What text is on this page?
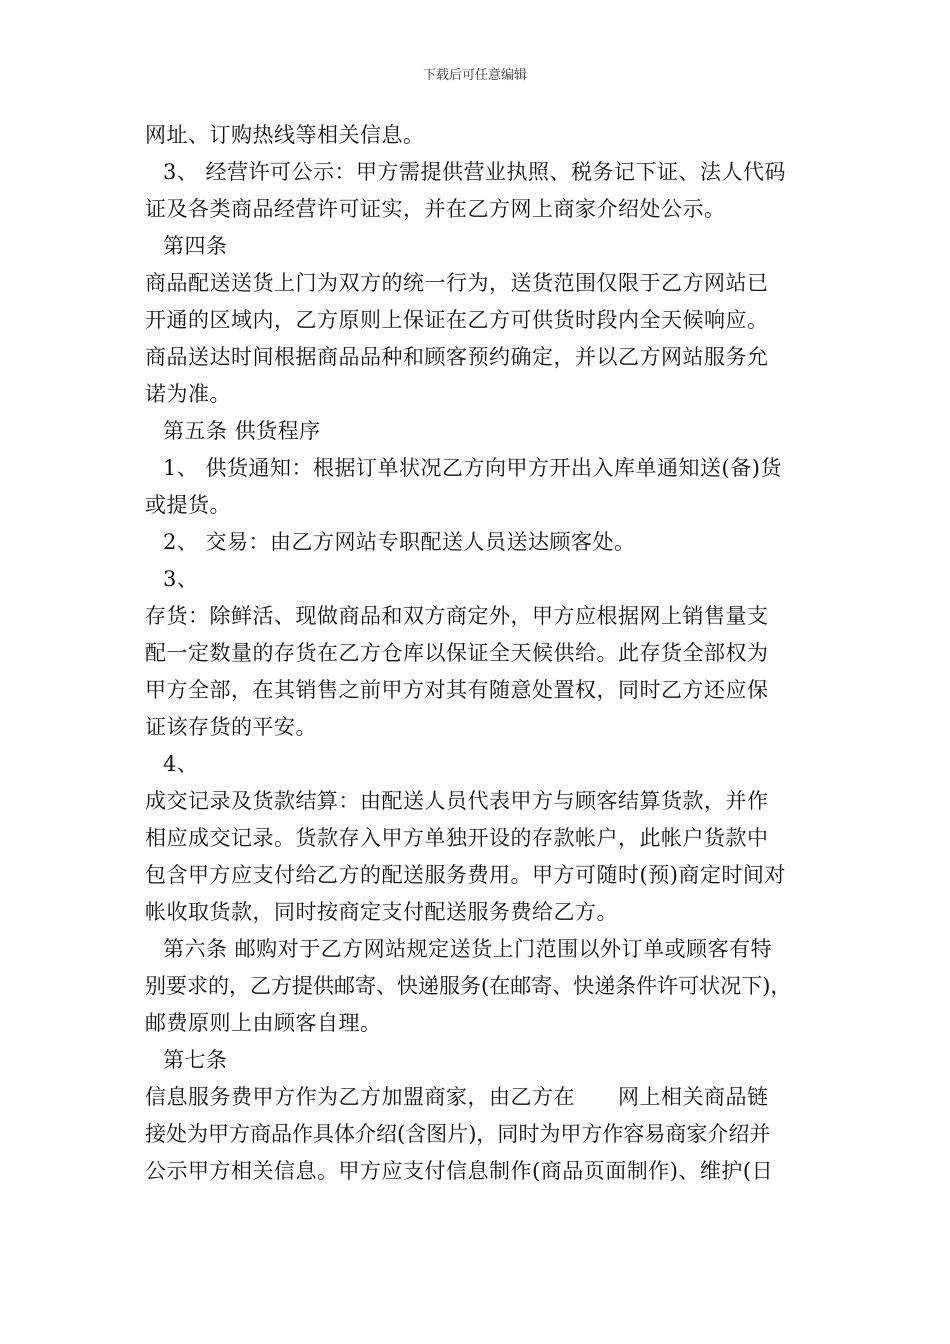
下载后可任意编辑
网址、订购热线等相关信息。
3、 经营许可公示：甲方需提供营业执照、税务记下证、法人代码
证及各类商品经营许可证实，并在乙方网上商家介绍处公示。
第四条
商品配送送货上门为双方的统一行为，送货范围仅限于乙方网站已
开通的区域内，乙方原则上保证在乙方可供货时段内全天候响应。
商品送达时间根据商品品种和顾客预约确定，并以乙方网站服务允
诺为准。
第五条 供货程序
1、 供货通知：根据订单状况乙方向甲方开出入库单通知送(备)货
或提货。
2、 交易：由乙方网站专职配送人员送达顾客处。
3、
存货：除鲜活、现做商品和双方商定外，甲方应根据网上销售量支
配一定数量的存货在乙方仓库以保证全天候供给。此存货全部权为
甲方全部，在其销售之前甲方对其有随意处置权，同时乙方还应保
证该存货的平安。
4、
成交记录及货款结算：由配送人员代表甲方与顾客结算货款，并作
相应成交记录。货款存入甲方单独开设的存款帐户，此帐户货款中
包含甲方应支付给乙方的配送服务费用。甲方可随时(预)商定时间对
帐收取货款，同时按商定支付配送服务费给乙方。
第六条 邮购对于乙方网站规定送货上门范围以外订单或顾客有特
别要求的，乙方提供邮寄、快递服务(在邮寄、快递条件许可状况下)，
邮费原则上由顾客自理。
第七条
信息服务费甲方作为乙方加盟商家，由乙方在　　网上相关商品链
接处为甲方商品作具体介绍(含图片)，同时为甲方作容易商家介绍并
公示甲方相关信息。甲方应支付信息制作(商品页面制作)、维护(日
